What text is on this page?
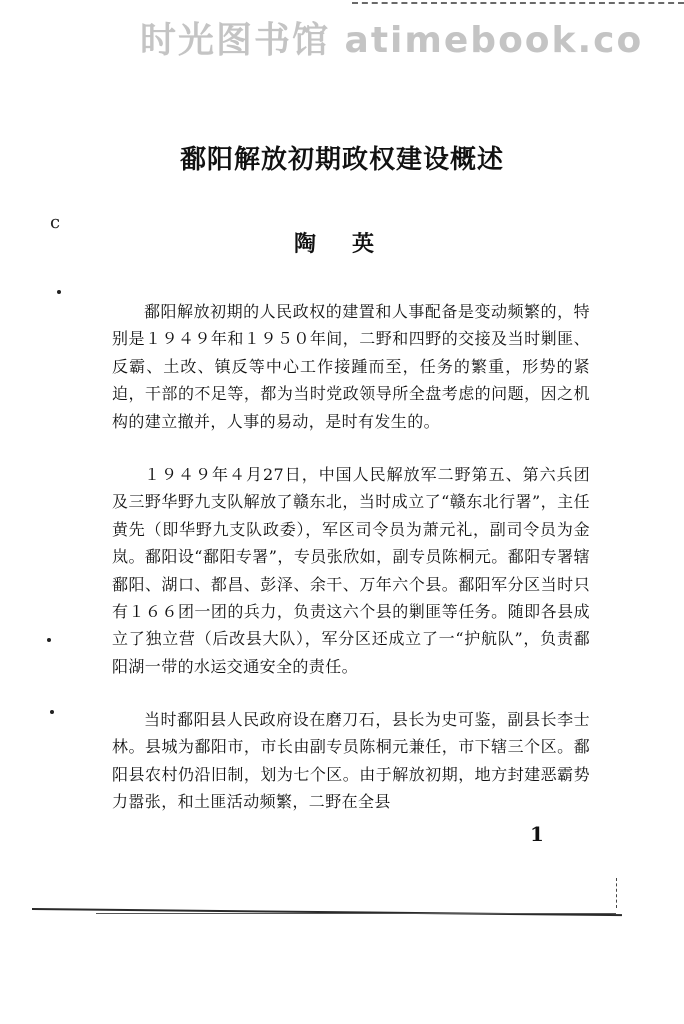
时光图书馆 atimebook.co
鄱阳解放初期政权建设概述
陶英
c

鄱阳解放初期的人民政权的建置和人事配备是变动频繁的，特别是１９４９年和１９５０年间，二野和四野的交接及当时剿匪、反霸、土改、镇反等中心工作接踵而至，任务的繁重，形势的紧迫，干部的不足等，都为当时党政领导所全盘考虑的问题，因之机构的建立撤并，人事的易动，是时有发生的。

１９４９年４月27日，中国人民解放军二野第五、第六兵团及三野华野九支队解放了赣东北，当时成立了“赣东北行署”，主任黄先（即华野九支队政委），军区司令员为萧元礼，副司令员为金岚。鄱阳设“鄱阳专署”，专员张欣如，副专员陈桐元。鄱阳专署辖鄱阳、湖口、都昌、彭泽、余干、万年六个县。鄱阳军分区当时只有１６６团一团的兵力，负责这六个县的剿匪等任务。随即各县成立了独立营（后改县大队），军分区还成立了一“护航队”，负责鄱阳湖一带的水运交通安全的责任。

当时鄱阳县人民政府设在磨刀石，县长为史可鉴，副县长李士林。县城为鄱阳市，市长由副专员陈桐元兼任，市下辖三个区。鄱阳县农村仍沿旧制，划为七个区。由于解放初期，地方封建恶霸势力嚣张，和土匪活动频繁，二野在全县

1
